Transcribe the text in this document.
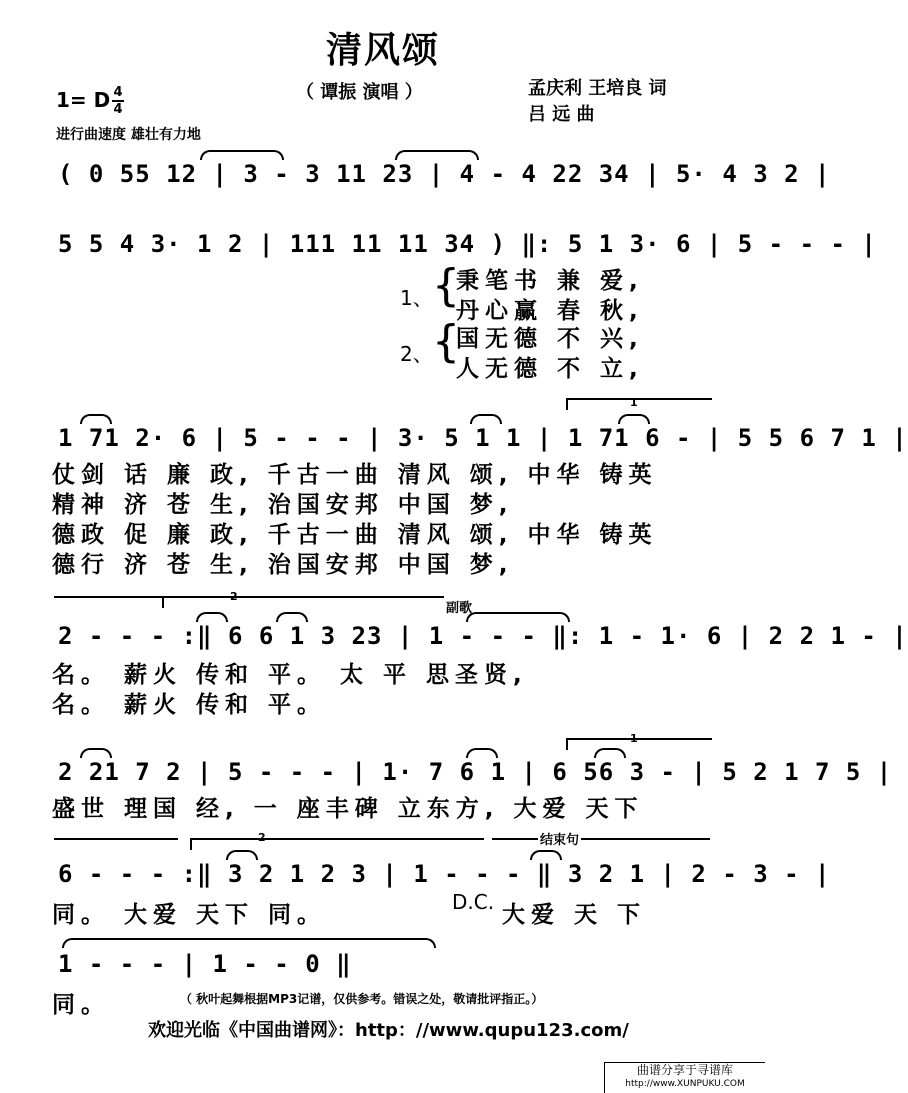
清风颂
（ 谭振 演唱 ）	孟庆利 王培良 词
吕 远 曲
1= D 4
4
进行曲速度 雄壮有力地
( 0 55 12 | 3 - 3 11 23 | 4 - 4 22 34 | 5· 4 3 2 |
5 5 4 3· 1 2 | 111 11 11 34 ) ‖: 5 1 3· 6 | 5 - - - |
1、 {
秉笔书 兼 爱,
丹心赢 春 秋,
2、 {
国无德 不 兴,
人无德 不 立,
1
1 71 2· 6 | 5 - - - | 3· 5 1 1 | 1 71 6 - | 5 5 6 7 1 |
仗剑 话 廉 政, 千古一曲 清风 颂, 中华 铸英
精神 济 苍 生, 治国安邦 中国 梦,
德政 促 廉 政, 千古一曲 清风 颂, 中华 铸英
德行 济 苍 生, 治国安邦 中国 梦,
2
副歌
2 - - - :‖ 6 6 1 3 23 | 1 - - - ‖: 1 - 1· 6 | 2 2 1 - |
名。 薪火 传和 平。 太 平 思圣贤,
名。 薪火 传和 平。
1
2 21 7 2 | 5 - - - | 1· 7 6 1 | 6 56 3 - | 5 2 1 7 5 |
盛世 理国 经, 一 座丰碑 立东方, 大爱 天下
2	结束句
6 - - - :‖ 3 2 1 2 3 | 1 - - - ‖ 3 2 1 | 2 - 3 - |
同。 大爱 天下 同。	D.C. 大爱 天 下
1 - - - | 1 - - 0 ‖
同。	（ 秋叶起舞根据MP3记谱，仅供参考。错误之处，敬请批评指正。）
欢迎光临《中国曲谱网》：http：//www.qupu123.com/
曲谱分享于寻谱库
http://www.XUNPUKU.COM
